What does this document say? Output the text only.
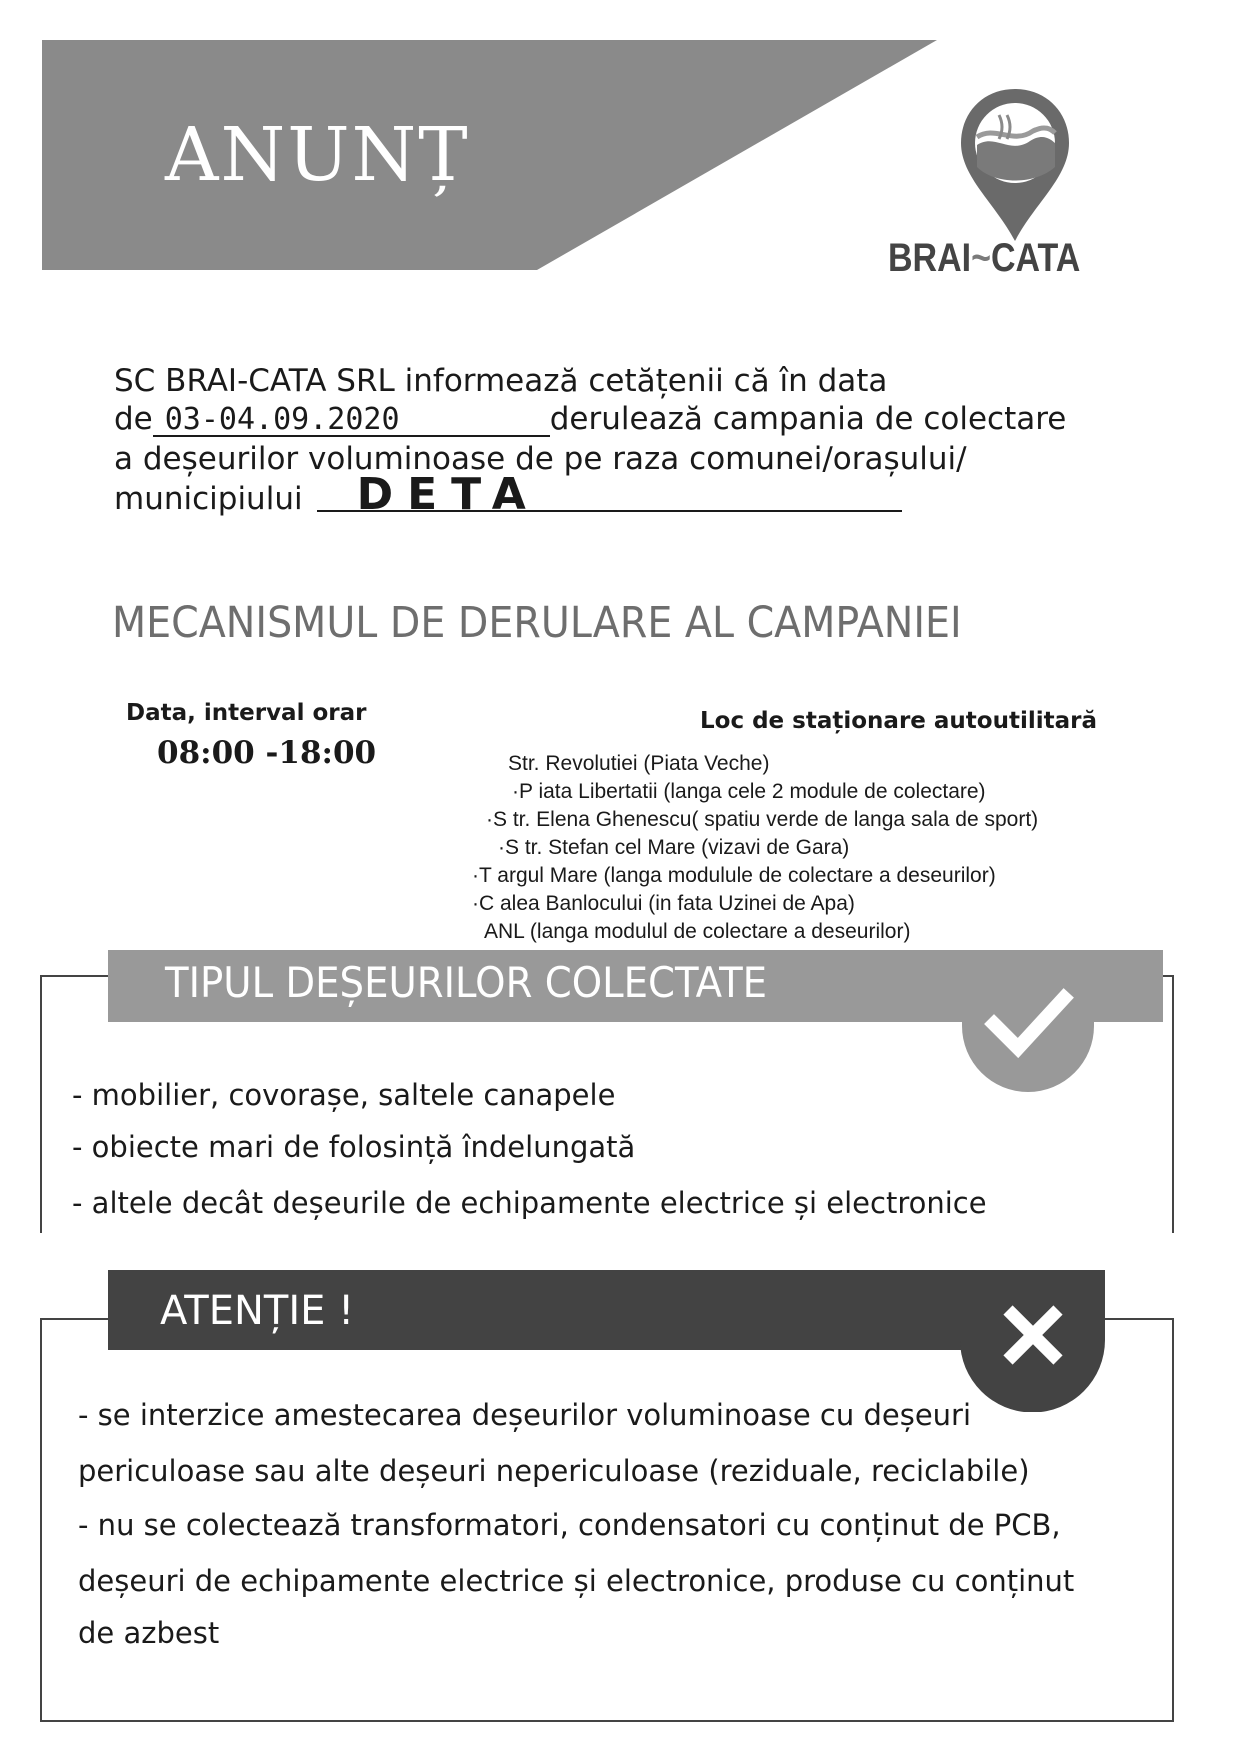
ANUNȚ
BRAI~CATA
SC BRAI-CATA SRL informează cetățenii că în data
de 03-04.09.2020	derulează campania de colectare
a deșeurilor voluminoase de pe raza comunei/orașului/
municipiului DETA
MECANISMUL DE DERULARE AL CAMPANIEI
Data, interval orar
08:00 -18:00
Loc de staționare autoutilitară
Str. Revolutiei (Piata Veche)
·P iata Libertatii (langa cele 2 module de colectare)
·S tr. Elena Ghenescu( spatiu verde de langa sala de sport)
·S tr. Stefan cel Mare (vizavi de Gara)
·T argul Mare (langa modulule de colectare a deseurilor)
·C alea Banlocului (in fata Uzinei de Apa)
ANL (langa modulul de colectare a deseurilor)
TIPUL DEȘEURILOR COLECTATE
- mobilier, covorașe, saltele canapele
- obiecte mari de folosință îndelungată
- altele decât deșeurile de echipamente electrice și electronice
ATENȚIE !
- se interzice amestecarea deșeurilor voluminoase cu deșeuri
periculoase sau alte deșeuri nepericuloase (reziduale, reciclabile)
- nu se colectează transformatori, condensatori cu conținut de PCB,
deșeuri de echipamente electrice și electronice, produse cu conținut
de azbest
